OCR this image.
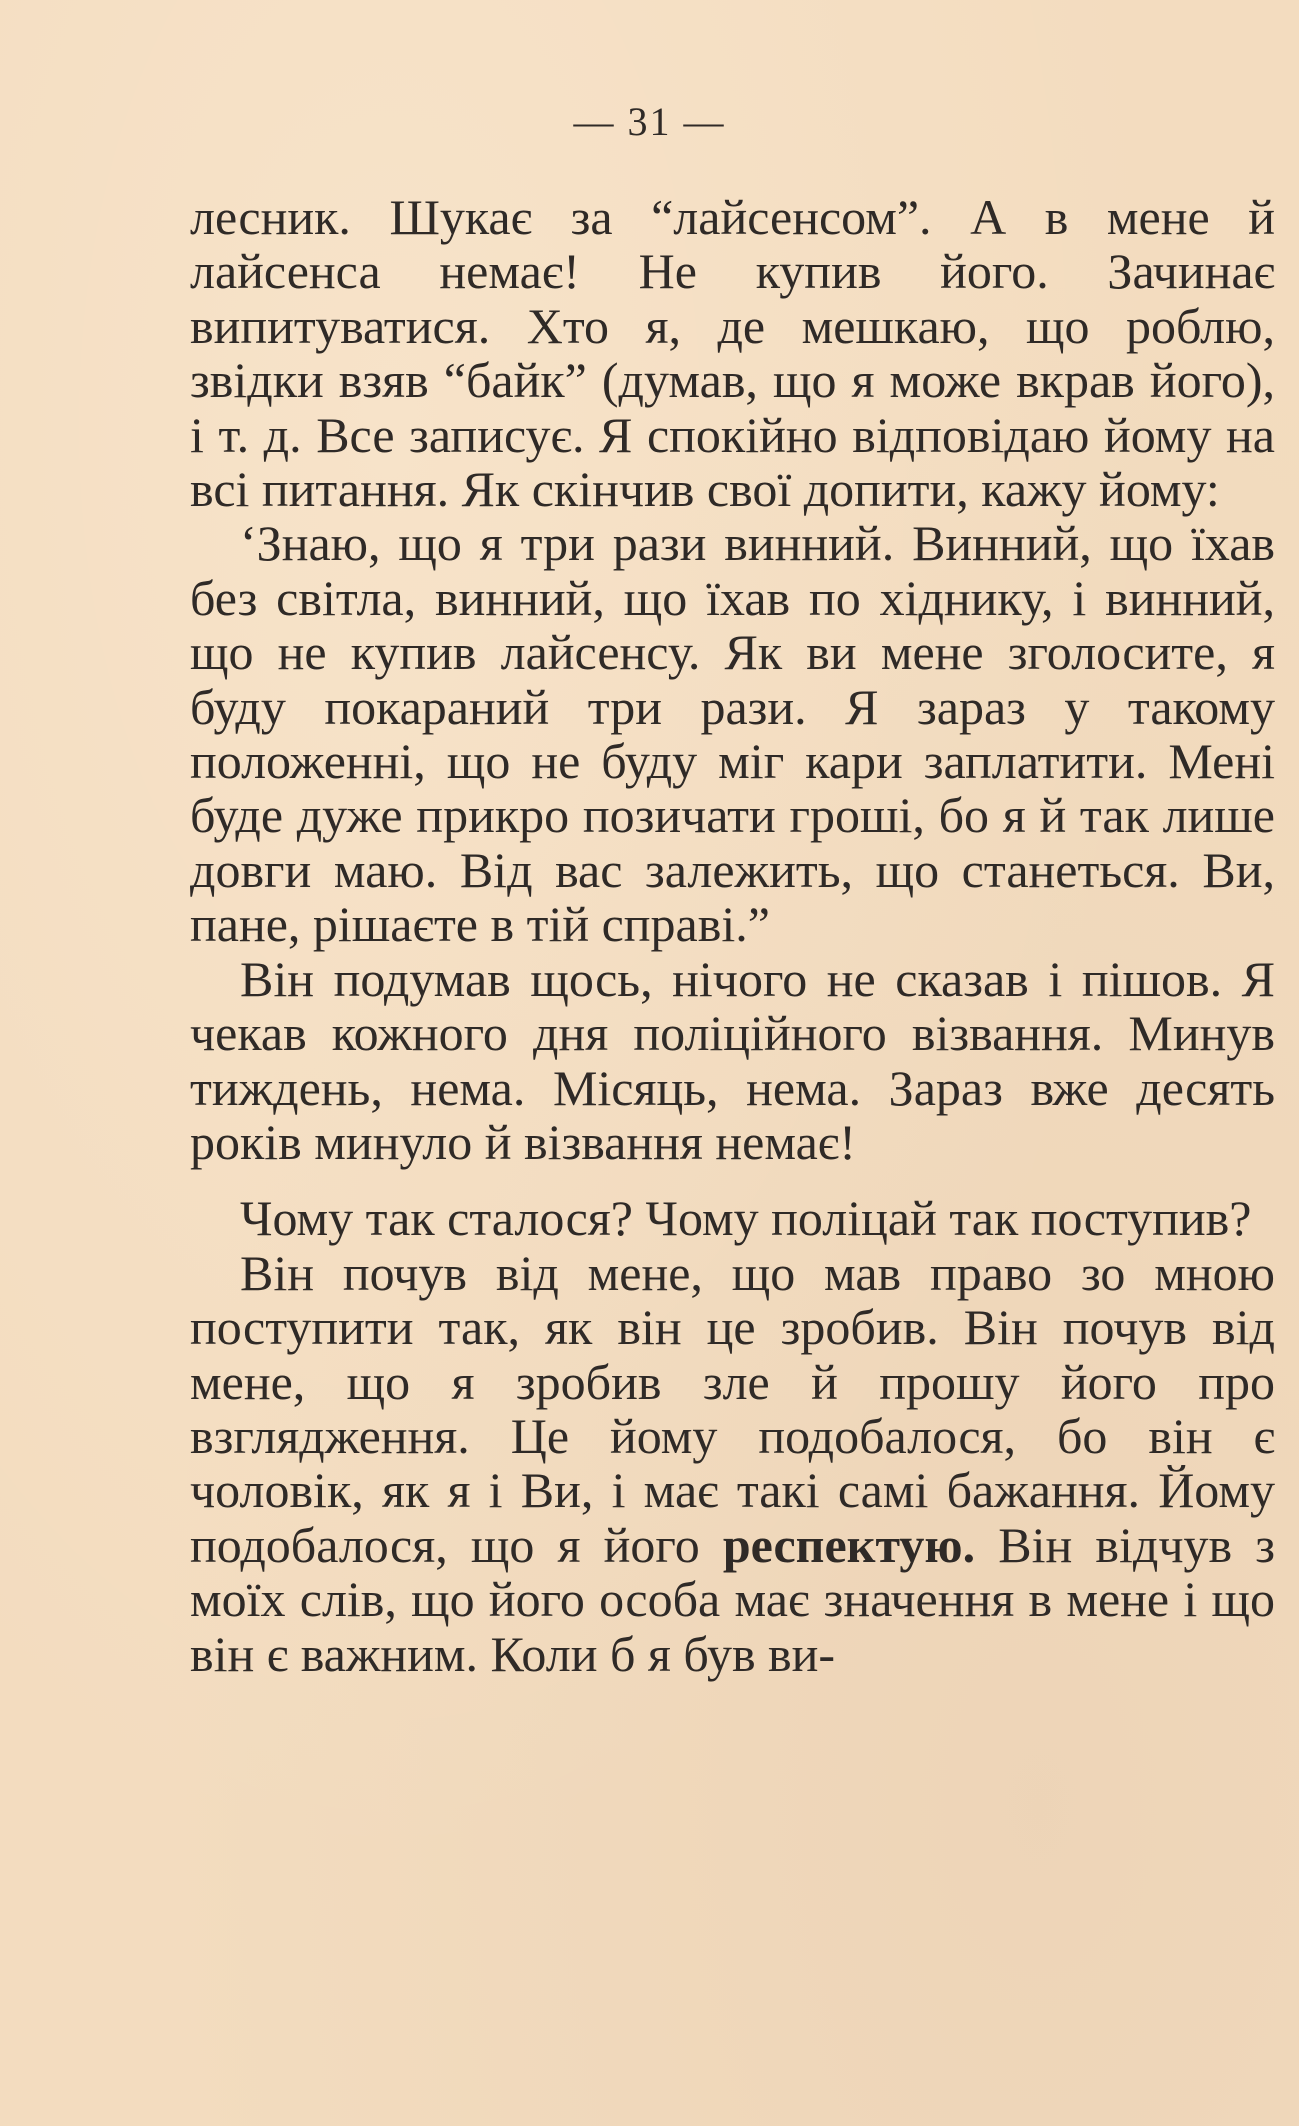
— 31 —

лесник. Шукає за “лайсенсом”. А в мене й лайсенса немає! Не купив його. Зачинає випитуватися. Хто я, де мешкаю, що роблю, звідки взяв “байк” (думав, що я може вкрав його), і т. д. Все записує. Я спокійно відповідаю йому на всі питання. Як скінчив свої допити, кажу йому:

‘Знаю, що я три рази винний. Винний, що їхав без світла, винний, що їхав по хіднику, і винний, що не купив лайсенсу. Як ви мене зголосите, я буду покараний три рази. Я зараз у такому положенні, що не буду міг кари заплатити. Мені буде дуже прикро позичати гроші, бо я й так лише довги маю. Від вас залежить, що станеться. Ви, пане, рішаєте в тій справі.”

Він подумав щось, нічого не сказав і пішов. Я чекав кожного дня поліційного візвання. Минув тиждень, нема. Місяць, нема. Зараз вже десять років минуло й візвання немає!

Чому так сталося? Чому поліцай так поступив?

Він почув від мене, що мав право зо мною поступити так, як він це зробив. Він почув від мене, що я зробив зле й прошу його про взглядження. Це йому подобалося, бо він є чоловік, як я і Ви, і має такі самі бажання. Йому подобалося, що я його респектую. Він відчув з моїх слів, що його особа має значення в мене і що він є важним. Коли б я був ви-
